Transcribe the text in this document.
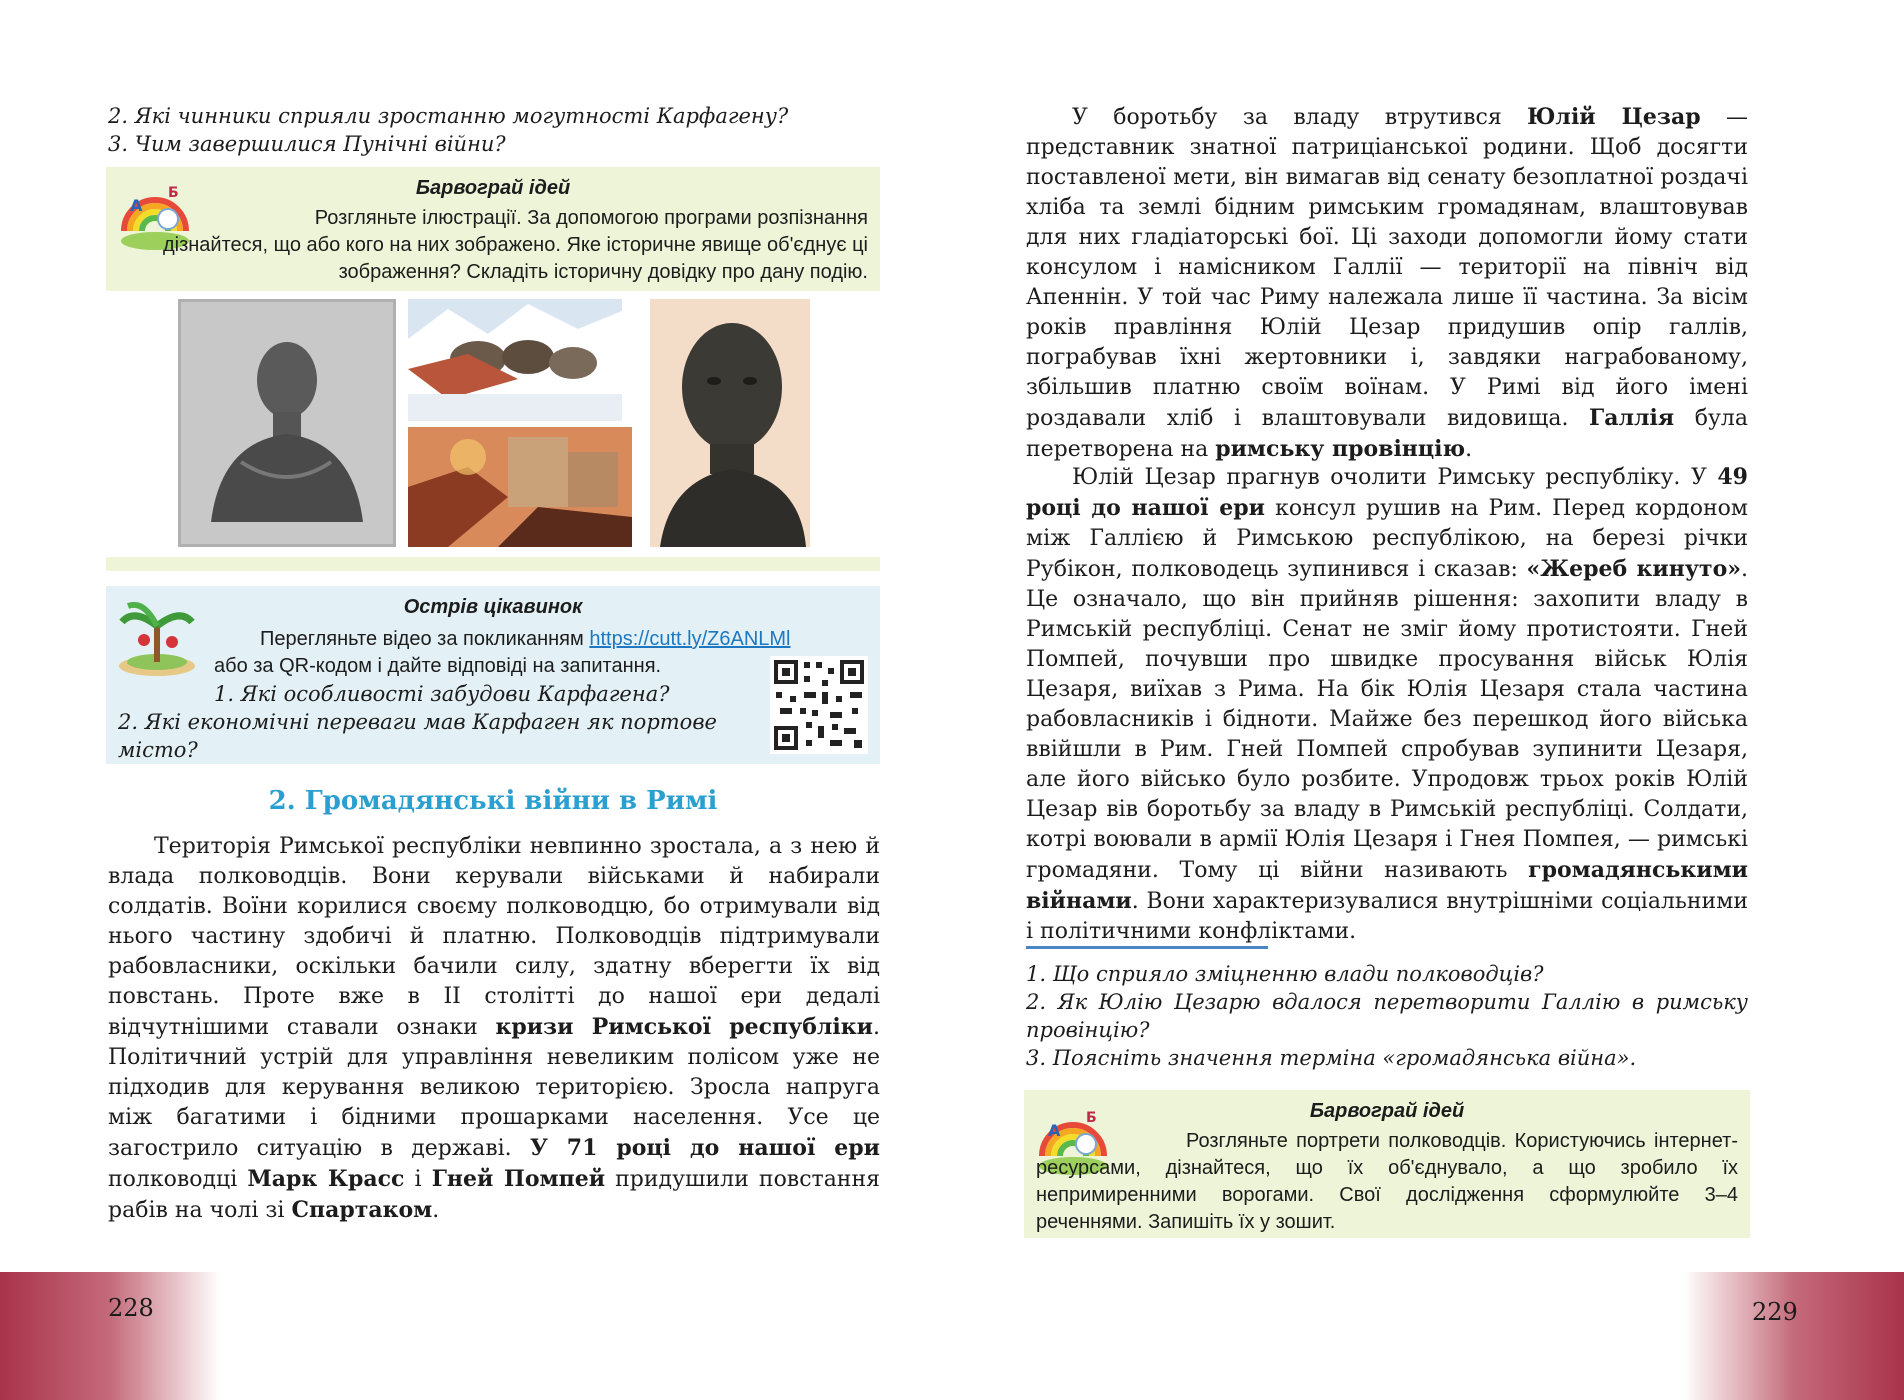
2. Які чинники сприяли зростанню могутності Карфагену?
3. Чим завершилися Пунічні війни?
А
Б	Барвограй ідей
Розгляньте ілюстрації. За допомогою програми розпізнання дізнайтеся, що або кого на них зображено. Яке історичне явище об'єднує ці зображення? Складіть історичну довідку про дану подію.
Острів цікавинок
Перегляньте відео за покликанням https://cutt.ly/Z6ANLMl
або за QR-кодом і дайте відповіді на запитання.
1. Які особливості забудови Карфагена?
2. Які економічні переваги мав Карфаген як портове місто?
2. Громадянські війни в Римі
Територія Римської республіки невпинно зростала, а з нею й влада полководців. Вони керували військами й набирали солдатів. Воїни корилися своєму полководцю, бо отримували від нього частину здобичі й платню. Полководців підтримували рабовласники, оскільки бачили силу, здатну вберегти їх від повстань. Проте вже в II столітті до нашої ери дедалі відчутнішими ставали ознаки кризи Римської республіки. Політичний устрій для управління невеликим полісом уже не підходив для керування великою територією. Зросла напруга між багатими і бідними прошарками населення. Усе це загострило ситуацію в державі. У 71 році до нашої ери полководці Марк Красс і Гней Помпей придушили повстання рабів на чолі зі Спартаком.
228
У боротьбу за владу втрутився Юлій Цезар — представник знатної патриціанської родини. Щоб досягти поставленої мети, він вимагав від сенату безоплатної роздачі хліба та землі бідним римським громадянам, влаштовував для них гладіаторські бої. Ці заходи допомогли йому стати консулом і намісником Галлії — території на північ від Апеннін. У той час Риму належала лише її частина. За вісім років правління Юлій Цезар придушив опір галлів, пограбував їхні жертовники і, завдяки награбованому, збільшив платню своїм воїнам. У Римі від його імені роздавали хліб і влаштовували видовища. Галлія була перетворена на римську провінцію.
Юлій Цезар прагнув очолити Римську республіку. У 49 році до нашої ери консул рушив на Рим. Перед кордоном між Галлією й Римською республікою, на березі річки Рубікон, полководець зупинився і сказав: «Жереб кинуто». Це означало, що він прийняв рішення: захопити владу в Римській республіці. Сенат не зміг йому протистояти. Гней Помпей, почувши про швидке просування військ Юлія Цезаря, виїхав з Рима. На бік Юлія Цезаря стала частина рабовласників і бідноти. Майже без перешкод його війська ввійшли в Рим. Гней Помпей спробував зупинити Цезаря, але його військо було розбите. Упродовж трьох років Юлій Цезар вів боротьбу за владу в Римській республіці. Солдати, котрі воювали в армії Юлія Цезаря і Гнея Помпея, — римські громадяни. Тому ці війни називають громадянськими війнами. Вони характеризувалися внутрішніми соціальними і політичними конфліктами.
1. Що сприяло зміцненню влади полководців?
2. Як Юлію Цезарю вдалося перетворити Галлію в римську провінцію?
3. Поясніть значення терміна «громадянська війна».
А
Б	Барвограй ідей
Розгляньте портрети полководців. Користуючись інтернет-ресурсами, дізнайтеся, що їх об'єднувало, а що зробило їх непримиренними ворогами. Свої дослідження сформулюйте 3–4 реченнями. Запишіть їх у зошит.
229
